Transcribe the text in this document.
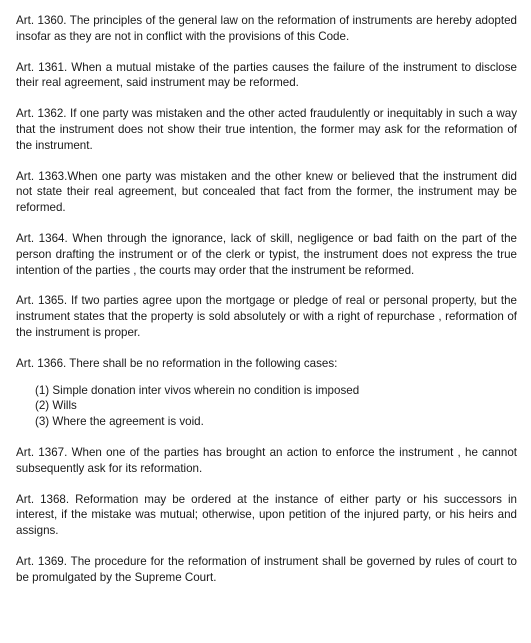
Art. 1360. The principles of the general law on the reformation of instruments are hereby adopted insofar as they are not in conflict with the provisions of this Code.

Art. 1361. When a mutual mistake of the parties causes the failure of the instrument to disclose their real agreement, said instrument may be reformed.

Art. 1362. If one party was mistaken and the other acted fraudulently or inequitably in such a way that the instrument does not show their true intention, the former may ask for the reformation of the instrument.

Art. 1363.When one party was mistaken and the other knew or believed that the instrument did not state their real agreement, but concealed that fact from the former, the instrument may be reformed.

Art. 1364. When through the ignorance, lack of skill, negligence or bad faith on the part of the person drafting the instrument or of the clerk or typist, the instrument does not express the true intention of the parties , the courts may order that the instrument be reformed.

Art. 1365. If two parties agree upon the mortgage or pledge of real or personal property, but the instrument states that the property is sold absolutely or with a right of repurchase , reformation of the instrument is proper.

Art. 1366. There shall be no reformation in the following cases:

(1) Simple donation inter vivos wherein no condition is imposed
(2) Wills
(3) Where the agreement is void.

Art. 1367. When one of the parties has brought an action to enforce the instrument , he cannot subsequently ask for its reformation.

Art. 1368. Reformation may be ordered at the instance of either party or his successors in interest, if the mistake was mutual; otherwise, upon petition of the injured party, or his heirs and assigns.

Art. 1369. The procedure for the reformation of instrument shall be governed by rules of court to be promulgated by the Supreme Court.
